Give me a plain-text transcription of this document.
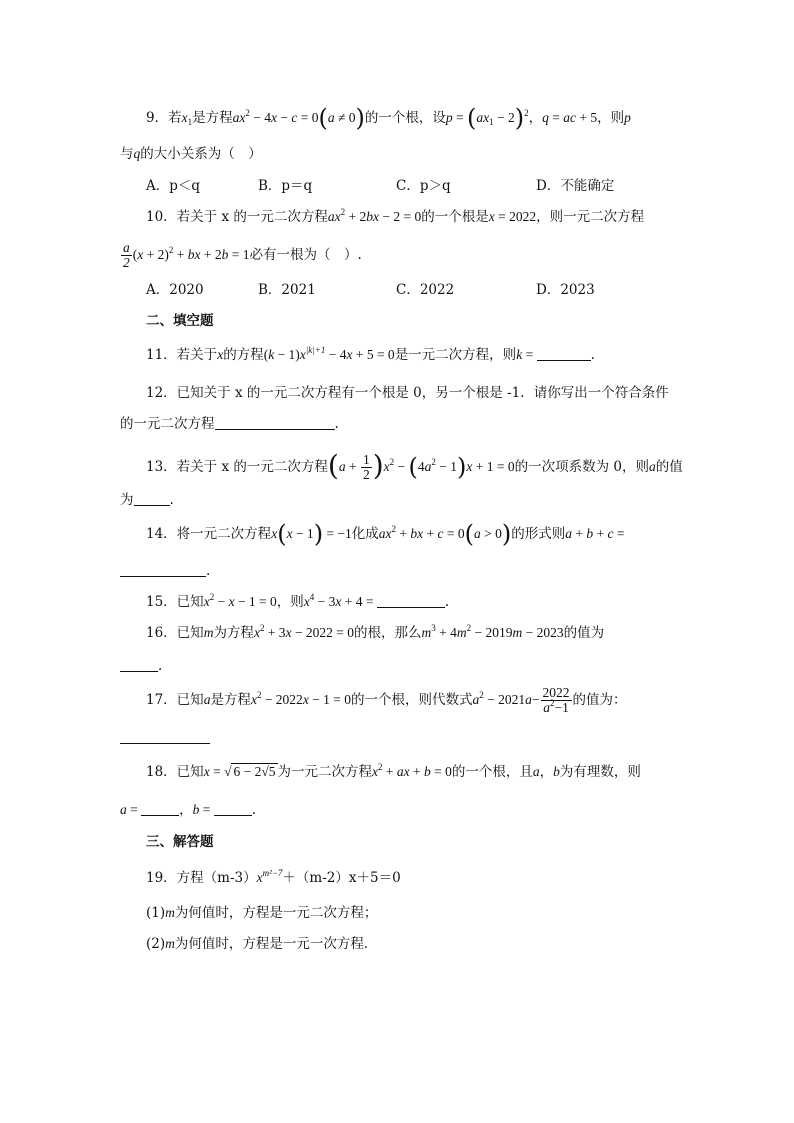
9．若$x_1$是方程$ax^2 - 4x - c = 0(a \ne 0)$的一个根，设$p = (ax_1 - 2)^2$，q = ac + 5，则p
与q的大小关系为（　）
A．p＜q	B．p＝q	C．p＞q	D．不能确定
10．若关于 x 的一元二次方程$ax^2 + 2bx - 2 = 0$的一个根是x = 2022，则一元二次方程
$\frac{a}{2} (x + 2)^2$ + bx + 2b = 1必有一根为（　）.
A．2020	B．2021	C．2022	D．2023
二、填空题
11．若关于x的方程$(k - 1)x^{|k|+1} - 4x + 5 = 0$是一元二次方程，则k =	.
12．已知关于 x 的一元二次方程有一个根是 0，另一个根是 -1．请你写出一个符合条件
的一元二次方程	.
13．若关于 x 的一元二次方程$(a + \frac{1}{2} )x^2 - (4a^2 - 1)x + 1 = 0$的一次项系数为 0，则a的值
为	.
14．将一元二次方程x(x − 1) = −1化成$ax^2$ + bx + c = 0(a > 0)的形式则a + b + c =
.
15．已知$x^2 - x - 1 = 0$，则$x^4 - 3x + 4$ =	.
16．已知m为方程$x^2 + 3x - 2022 = 0$的根，那么$m^3 + 4m^2 - 2019m - 2023$的值为
.
17．已知a是方程$x^2 - 2022x - 1 = 0$的一个根，则代数式$a^2 - 2021a- \frac{2022}{a^2-1}$ 的值为：
18．已知x = √ 6 − 2√5 为一元二次方程$x^2$ + ax + b = 0的一个根，且a，b为有理数，则
a =	，b =	.
三、解答题
19．方程$(m-3)x^{m^2-7}+(m-2)x+5=0$
(1)m为何值时，方程是一元二次方程；
(2)m为何值时，方程是一元一次方程．
